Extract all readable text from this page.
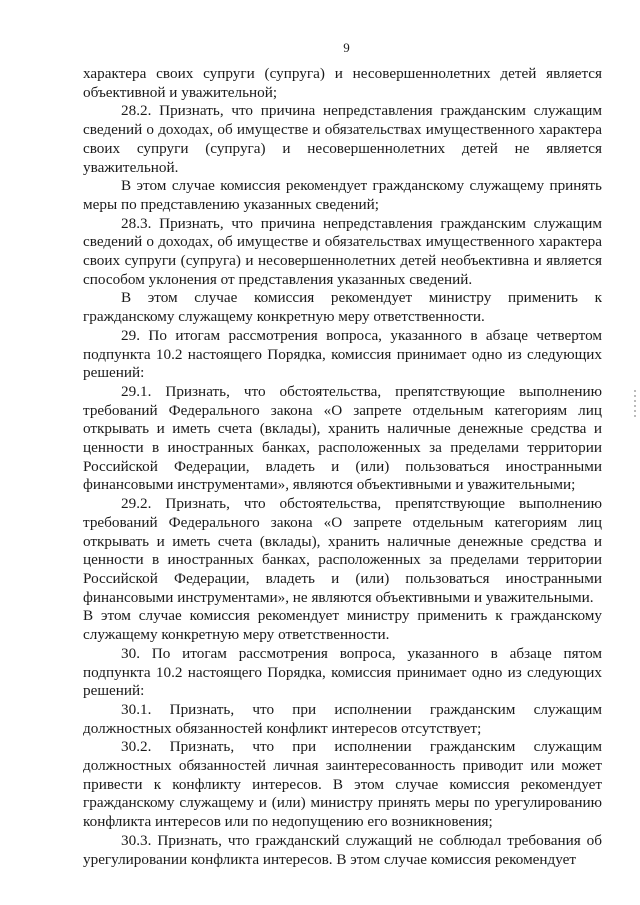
9

характера своих супруги (супруга) и несовершеннолетних детей является объективной и уважительной;

28.2. Признать, что причина непредставления гражданским служащим сведений о доходах, об имуществе и обязательствах имущественного характера своих супруги (супруга) и несовершеннолетних детей не является уважительной.

В этом случае комиссия рекомендует гражданскому служащему принять меры по представлению указанных сведений;

28.3. Признать, что причина непредставления гражданским служащим сведений о доходах, об имуществе и обязательствах имущественного характера своих супруги (супруга) и несовершеннолетних детей необъективна и является способом уклонения от представления указанных сведений.

В этом случае комиссия рекомендует министру применить к гражданскому служащему конкретную меру ответственности.

29. По итогам рассмотрения вопроса, указанного в абзаце четвертом подпункта 10.2 настоящего Порядка, комиссия принимает одно из следующих решений:

29.1. Признать, что обстоятельства, препятствующие выполнению требований Федерального закона «О запрете отдельным категориям лиц открывать и иметь счета (вклады), хранить наличные денежные средства и ценности в иностранных банках, расположенных за пределами территории Российской Федерации, владеть и (или) пользоваться иностранными финансовыми инструментами», являются объективными и уважительными;

29.2. Признать, что обстоятельства, препятствующие выполнению требований Федерального закона «О запрете отдельным категориям лиц открывать и иметь счета (вклады), хранить наличные денежные средства и ценности в иностранных банках, расположенных за пределами территории Российской Федерации, владеть и (или) пользоваться иностранными финансовыми инструментами», не являются объективными и уважительными.

В этом случае комиссия рекомендует министру применить к гражданскому служащему конкретную меру ответственности.

30. По итогам рассмотрения вопроса, указанного в абзаце пятом подпункта 10.2 настоящего Порядка, комиссия принимает одно из следующих решений:

30.1. Признать, что при исполнении гражданским служащим должностных обязанностей конфликт интересов отсутствует;

30.2. Признать, что при исполнении гражданским служащим должностных обязанностей личная заинтересованность приводит или может привести к конфликту интересов. В этом случае комиссия рекомендует гражданскому служащему и (или) министру принять меры по урегулированию конфликта интересов или по недопущению его возникновения;

30.3. Признать, что гражданский служащий не соблюдал требования об урегулировании конфликта интересов. В этом случае комиссия рекомендует
